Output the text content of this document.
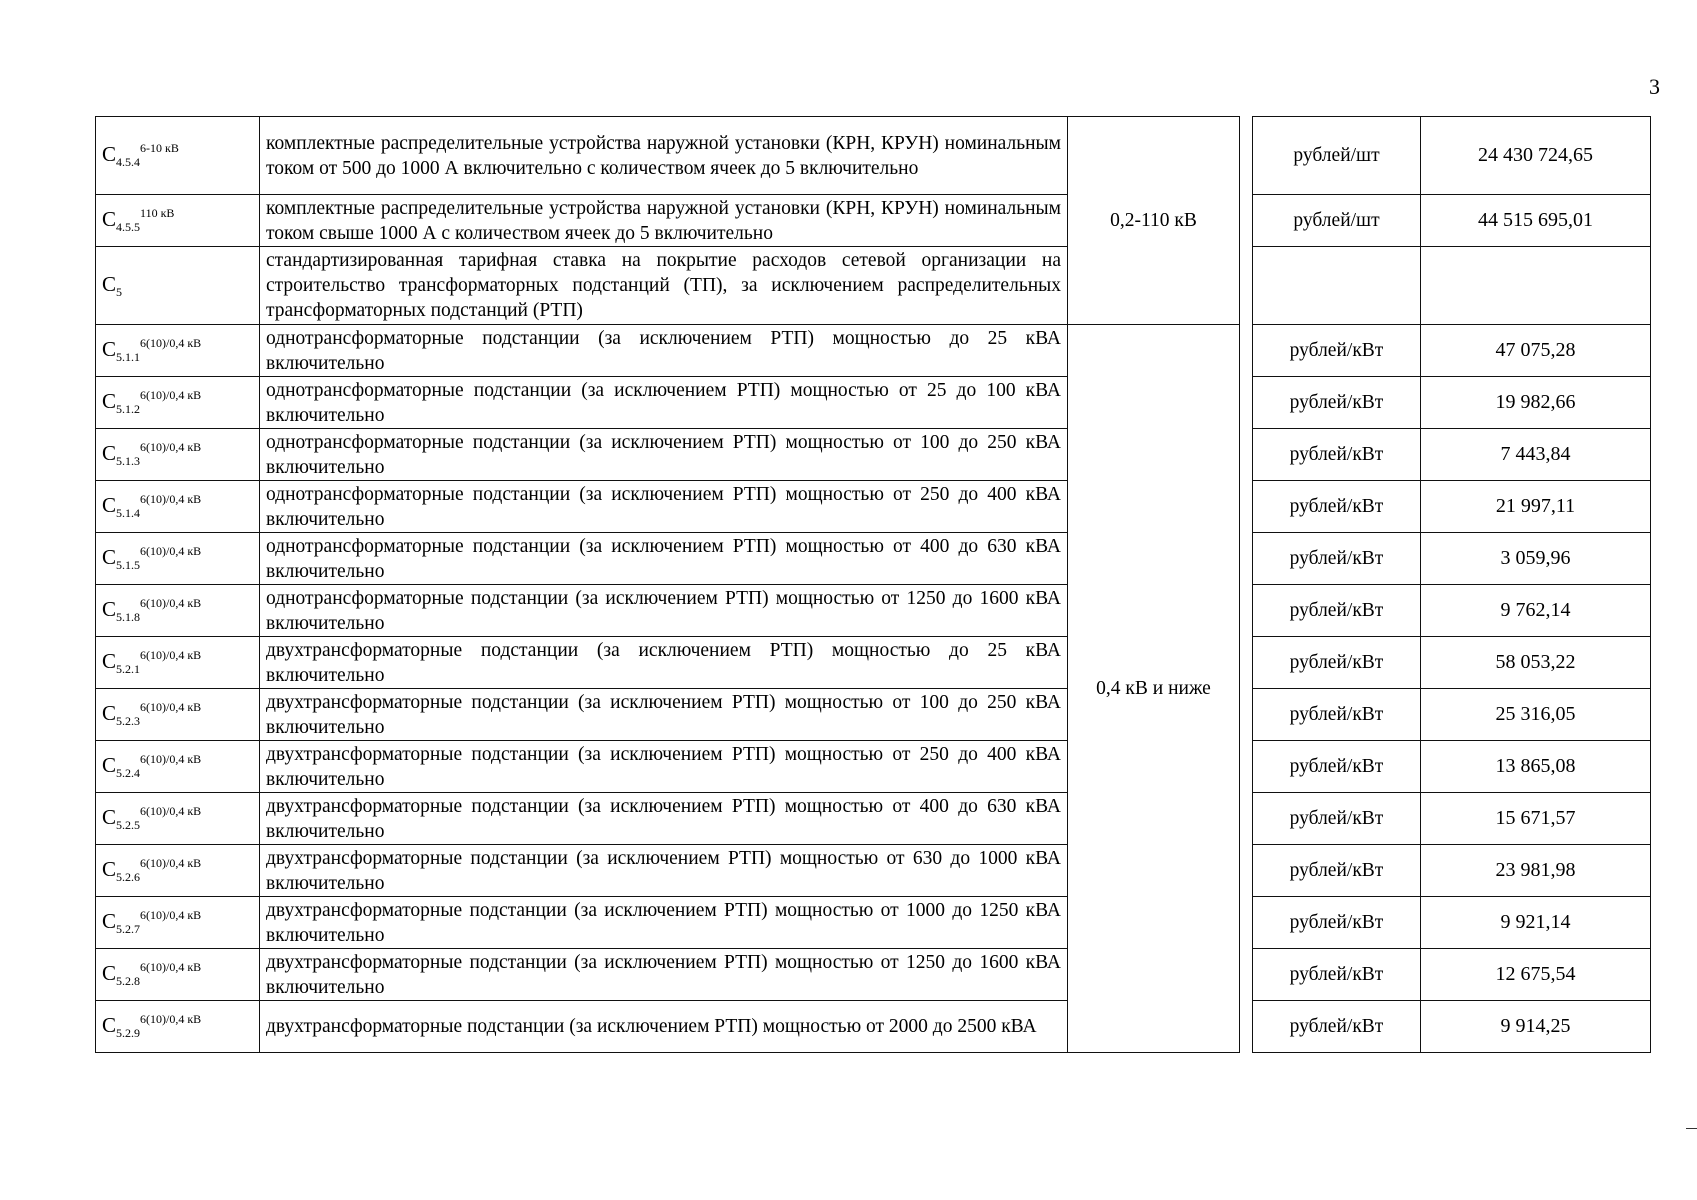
3
$C_{4.5.4}^{6-10 кВ}$	комплектные распределительные устройства наружной установки (КРН, КРУН) номинальным током от 500 до 1000 А включительно с количеством ячеек до 5 включительно	0,2-110 кВ		рублей/шт	24 430 724,65
$C_{4.5.5}^{110 кВ}$	комплектные распределительные устройства наружной установки (КРН, КРУН) номинальным током свыше 1000 А с количеством ячеек до 5 включительно			рублей/шт	44 515 695,01
$C_5$	стандартизированная тарифная ставка на покрытие расходов сетевой организации на строительство трансформаторных подстанций (ТП), за исключением распределительных трансформаторных подстанций (РТП)				
$C_{5.1.1}^{6(10)/0,4 кВ}$	однотрансформаторные подстанции (за исключением РТП) мощностью до 25 кВА включительно	0,4 кВ и ниже		рублей/кВт	47 075,28
$C_{5.1.2}^{6(10)/0,4 кВ}$	однотрансформаторные подстанции (за исключением РТП) мощностью от 25 до 100 кВА включительно			рублей/кВт	19 982,66
$C_{5.1.3}^{6(10)/0,4 кВ}$	однотрансформаторные подстанции (за исключением РТП) мощностью от 100 до 250 кВА включительно			рублей/кВт	7 443,84
$C_{5.1.4}^{6(10)/0,4 кВ}$	однотрансформаторные подстанции (за исключением РТП) мощностью от 250 до 400 кВА включительно			рублей/кВт	21 997,11
$C_{5.1.5}^{6(10)/0,4 кВ}$	однотрансформаторные подстанции (за исключением РТП) мощностью от 400 до 630 кВА включительно			рублей/кВт	3 059,96
$C_{5.1.8}^{6(10)/0,4 кВ}$	однотрансформаторные подстанции (за исключением РТП) мощностью от 1250 до 1600 кВА включительно			рублей/кВт	9 762,14
$C_{5.2.1}^{6(10)/0,4 кВ}$	двухтрансформаторные подстанции (за исключением РТП) мощностью до 25 кВА включительно			рублей/кВт	58 053,22
$C_{5.2.3}^{6(10)/0,4 кВ}$	двухтрансформаторные подстанции (за исключением РТП) мощностью от 100 до 250 кВА включительно			рублей/кВт	25 316,05
$C_{5.2.4}^{6(10)/0,4 кВ}$	двухтрансформаторные подстанции (за исключением РТП) мощностью от 250 до 400 кВА включительно			рублей/кВт	13 865,08
$C_{5.2.5}^{6(10)/0,4 кВ}$	двухтрансформаторные подстанции (за исключением РТП) мощностью от 400 до 630 кВА включительно			рублей/кВт	15 671,57
$C_{5.2.6}^{6(10)/0,4 кВ}$	двухтрансформаторные подстанции (за исключением РТП) мощностью от 630 до 1000 кВА включительно			рублей/кВт	23 981,98
$C_{5.2.7}^{6(10)/0,4 кВ}$	двухтрансформаторные подстанции (за исключением РТП) мощностью от 1000 до 1250 кВА включительно			рублей/кВт	9 921,14
$C_{5.2.8}^{6(10)/0,4 кВ}$	двухтрансформаторные подстанции (за исключением РТП) мощностью от 1250 до 1600 кВА включительно			рублей/кВт	12 675,54
$C_{5.2.9}^{6(10)/0,4 кВ}$	двухтрансформаторные подстанции (за исключением РТП) мощностью от 2000 до 2500 кВА			рублей/кВт	9 914,25
